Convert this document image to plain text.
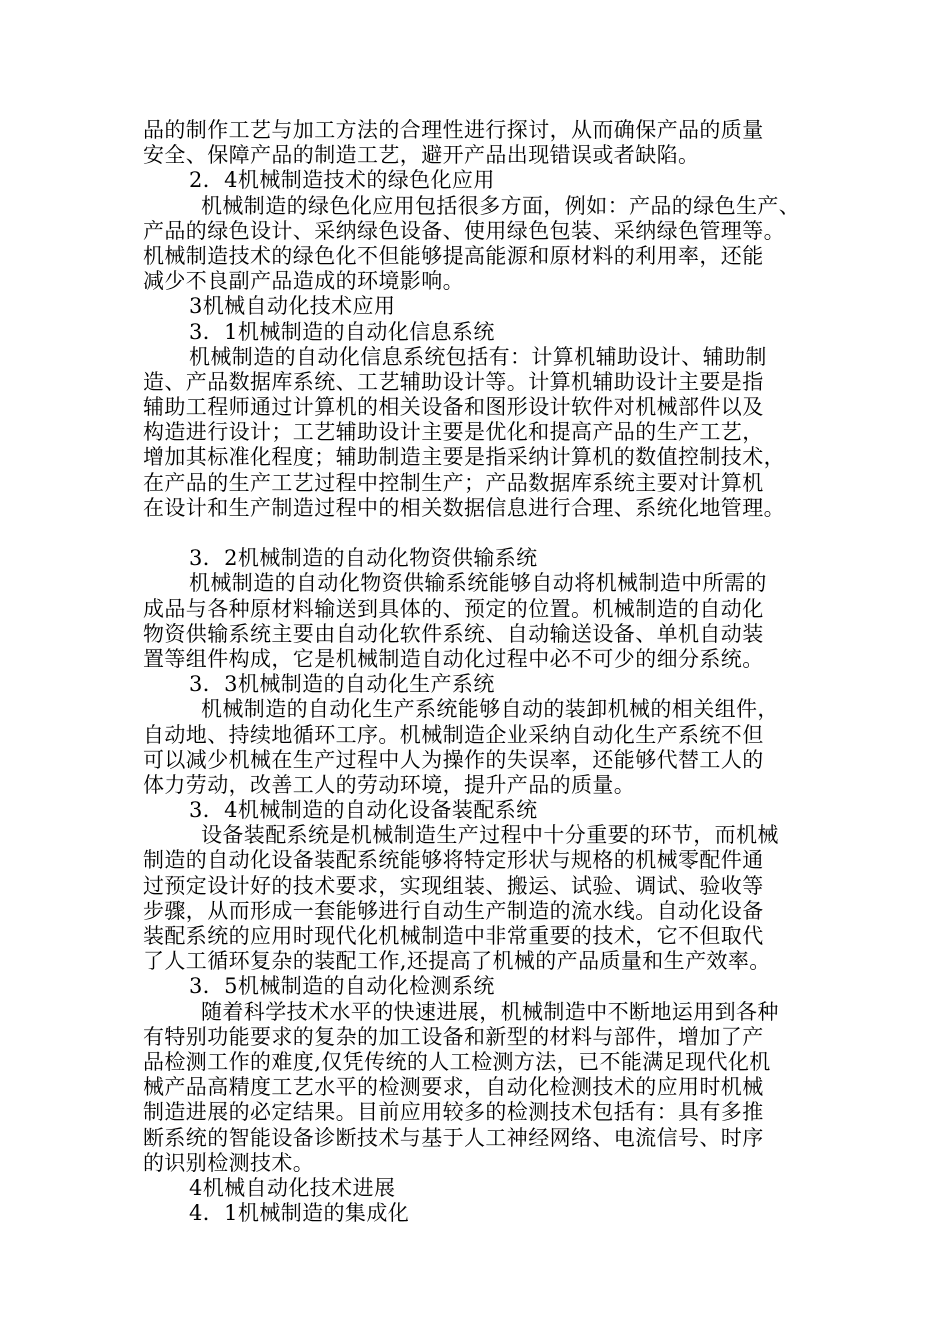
品的制作工艺与加工方法的合理性进行探讨，从而确保产品的质量
安全、保障产品的制造工艺，避开产品出现错误或者缺陷。
2．4机械制造技术的绿色化应用
机械制造的绿色化应用包括很多方面，例如：产品的绿色生产、
产品的绿色设计、采纳绿色设备、使用绿色包装、采纳绿色管理等。
机械制造技术的绿色化不但能够提高能源和原材料的利用率，还能
减少不良副产品造成的环境影响。
3机械自动化技术应用
3．1机械制造的自动化信息系统
机械制造的自动化信息系统包括有：计算机辅助设计、辅助制
造、产品数据库系统、工艺辅助设计等。计算机辅助设计主要是指
辅助工程师通过计算机的相关设备和图形设计软件对机械部件以及
构造进行设计；工艺辅助设计主要是优化和提高产品的生产工艺，
增加其标准化程度；辅助制造主要是指采纳计算机的数值控制技术，
在产品的生产工艺过程中控制生产；产品数据库系统主要对计算机
在设计和生产制造过程中的相关数据信息进行合理、系统化地管理。
3．2机械制造的自动化物资供输系统
机械制造的自动化物资供输系统能够自动将机械制造中所需的
成品与各种原材料输送到具体的、预定的位置。机械制造的自动化
物资供输系统主要由自动化软件系统、自动输送设备、单机自动装
置等组件构成，它是机械制造自动化过程中必不可少的细分系统。
3．3机械制造的自动化生产系统
机械制造的自动化生产系统能够自动的装卸机械的相关组件，
自动地、持续地循环工序。机械制造企业采纳自动化生产系统不但
可以减少机械在生产过程中人为操作的失误率，还能够代替工人的
体力劳动，改善工人的劳动环境，提升产品的质量。
3．4机械制造的自动化设备装配系统
设备装配系统是机械制造生产过程中十分重要的环节，而机械
制造的自动化设备装配系统能够将特定形状与规格的机械零配件通
过预定设计好的技术要求，实现组装、搬运、试验、调试、验收等
步骤，从而形成一套能够进行自动生产制造的流水线。自动化设备
装配系统的应用时现代化机械制造中非常重要的技术，它不但取代
了人工循环复杂的装配工作,还提高了机械的产品质量和生产效率。
3．5机械制造的自动化检测系统
随着科学技术水平的快速进展，机械制造中不断地运用到各种
有特别功能要求的复杂的加工设备和新型的材料与部件，增加了产
品检测工作的难度,仅凭传统的人工检测方法，已不能满足现代化机
械产品高精度工艺水平的检测要求，自动化检测技术的应用时机械
制造进展的必定结果。目前应用较多的检测技术包括有：具有多推
断系统的智能设备诊断技术与基于人工神经网络、电流信号、时序
的识别检测技术。
4机械自动化技术进展
4．1机械制造的集成化
